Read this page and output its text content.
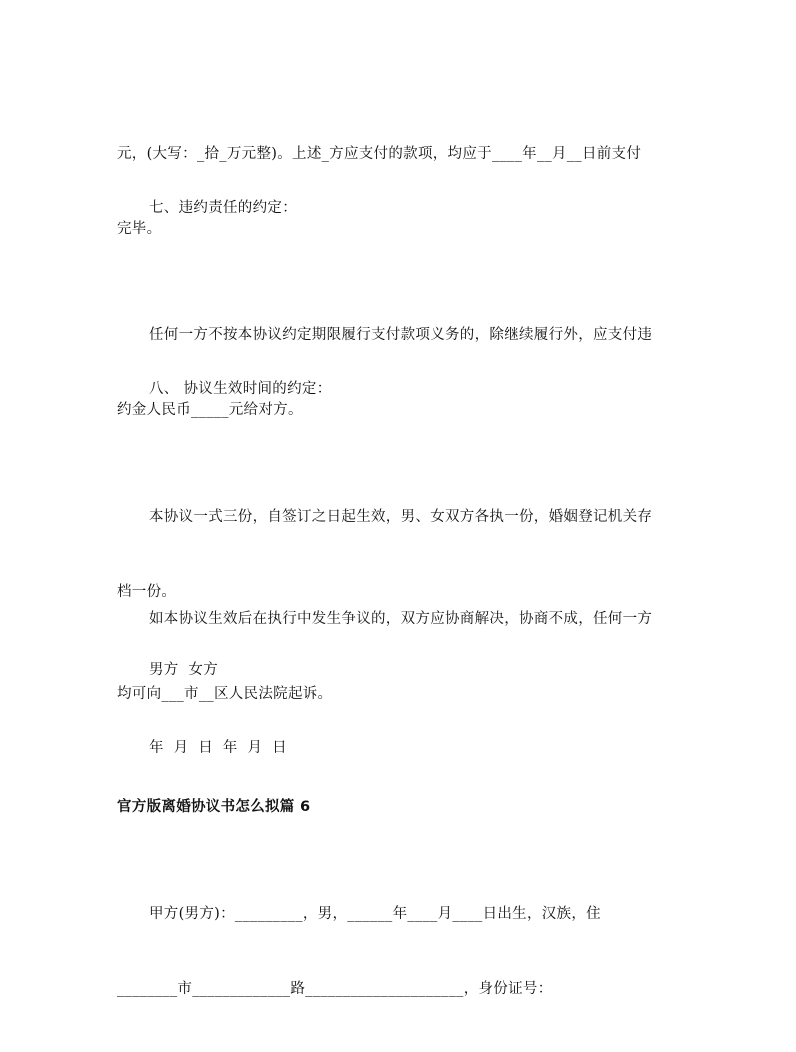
元，(大写：_拾_万元整)。上述_方应支付的款项，均应于____年__月__日前支付

完毕。

七、违约责任的约定：

任何一方不按本协议约定期限履行支付款项义务的，除继续履行外，应支付违

约金人民币_____元给对方。

八、 协议生效时间的约定：

本协议一式三份，自签订之日起生效，男、女双方各执一份，婚姻登记机关存

档一份。

如本协议生效后在执行中发生争议的，双方应协商解决，协商不成，任何一方

均可向___市__区人民法院起诉。

男方  女方
年  月  日  年  月  日
官方版离婚协议书怎么拟篇 6

甲方(男方)：_________，男，______年____月____日出生，汉族，住

________市_____________路_____________________，身份证号：
